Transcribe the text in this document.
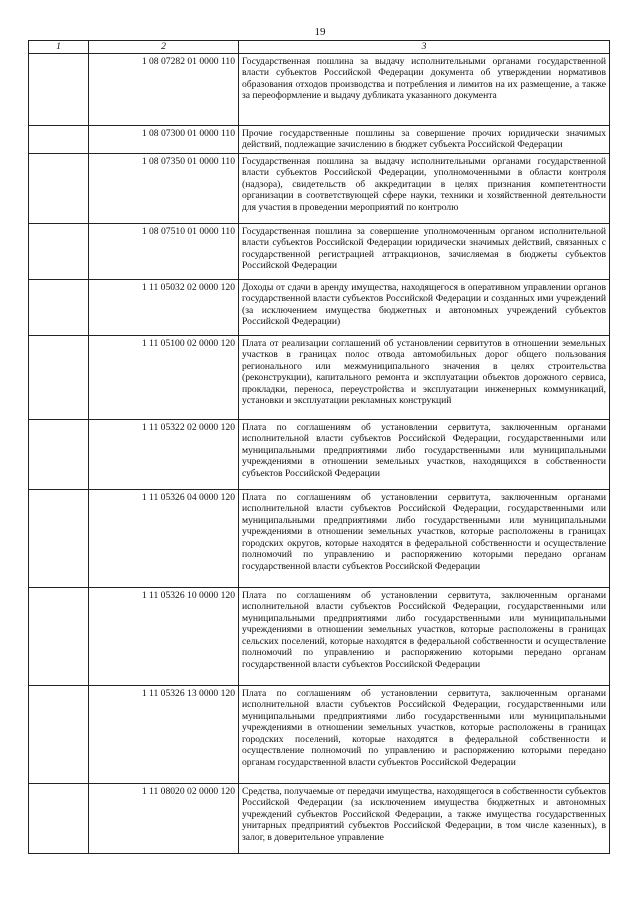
19
1	2	3
	1 08 07282 01 0000 110	Государственная пошлина за выдачу исполнительными органами государственной власти субъектов Российской Федерации документа об утверждении нормативов образования отходов производства и потребления и лимитов на их размещение, а также за переоформление и выдачу дубликата указанного документа
	1 08 07300 01 0000 110	Прочие государственные пошлины за совершение прочих юридически значимых действий, подлежащие зачислению в бюджет субъекта Российской Федерации
	1 08 07350 01 0000 110	Государственная пошлина за выдачу исполнительными органами государственной власти субъектов Российской Федерации, уполномоченными в области контроля (надзора), свидетельств об аккредитации в целях признания компетентности организации в соответствующей сфере науки, техники и хозяйственной деятельности для участия в проведении мероприятий по контролю
	1 08 07510 01 0000 110	Государственная пошлина за совершение уполномоченным органом исполнительной власти субъектов Российской Федерации юридически значимых действий, связанных с государственной регистрацией аттракционов, зачисляемая в бюджеты субъектов Российской Федерации
	1 11 05032 02 0000 120	Доходы от сдачи в аренду имущества, находящегося в оперативном управлении органов государственной власти субъектов Российской Федерации и созданных ими учреждений (за исключением имущества бюджетных и автономных учреждений субъектов Российской Федерации)
	1 11 05100 02 0000 120	Плата от реализации соглашений об установлении сервитутов в отношении земельных участков в границах полос отвода автомобильных дорог общего пользования регионального или межмуниципального значения в целях строительства (реконструкции), капитального ремонта и эксплуатации объектов дорожного сервиса, прокладки, переноса, переустройства и эксплуатации инженерных коммуникаций, установки и эксплуатации рекламных конструкций
	1 11 05322 02 0000 120	Плата по соглашениям об установлении сервитута, заключенным органами исполнительной власти субъектов Российской Федерации, государственными или муниципальными предприятиями либо государственными или муниципальными учреждениями в отношении земельных участков, находящихся в собственности субъектов Российской Федерации
	1 11 05326 04 0000 120	Плата по соглашениям об установлении сервитута, заключенным органами исполнительной власти субъектов Российской Федерации, государственными или муниципальными предприятиями либо государственными или муниципальными учреждениями в отношении земельных участков, которые расположены в границах городских округов, которые находятся в федеральной собственности и осуществление полномочий по управлению и распоряжению которыми передано органам государственной власти субъектов Российской Федерации
	1 11 05326 10 0000 120	Плата по соглашениям об установлении сервитута, заключенным органами исполнительной власти субъектов Российской Федерации, государственными или муниципальными предприятиями либо государственными или муниципальными учреждениями в отношении земельных участков, которые расположены в границах сельских поселений, которые находятся в федеральной собственности и осуществление полномочий по управлению и распоряжению которыми передано органам государственной власти субъектов Российской Федерации
	1 11 05326 13 0000 120	Плата по соглашениям об установлении сервитута, заключенным органами исполнительной власти субъектов Российской Федерации, государственными или муниципальными предприятиями либо государственными или муниципальными учреждениями в отношении земельных участков, которые расположены в границах городских поселений, которые находятся в федеральной собственности и осуществление полномочий по управлению и распоряжению которыми передано органам государственной власти субъектов Российской Федерации
	1 11 08020 02 0000 120	Средства, получаемые от передачи имущества, находящегося в собственности субъектов Российской Федерации (за исключением имущества бюджетных и автономных учреждений субъектов Российской Федерации, а также имущества государственных унитарных предприятий субъектов Российской Федерации, в том числе казенных), в залог, в доверительное управление
